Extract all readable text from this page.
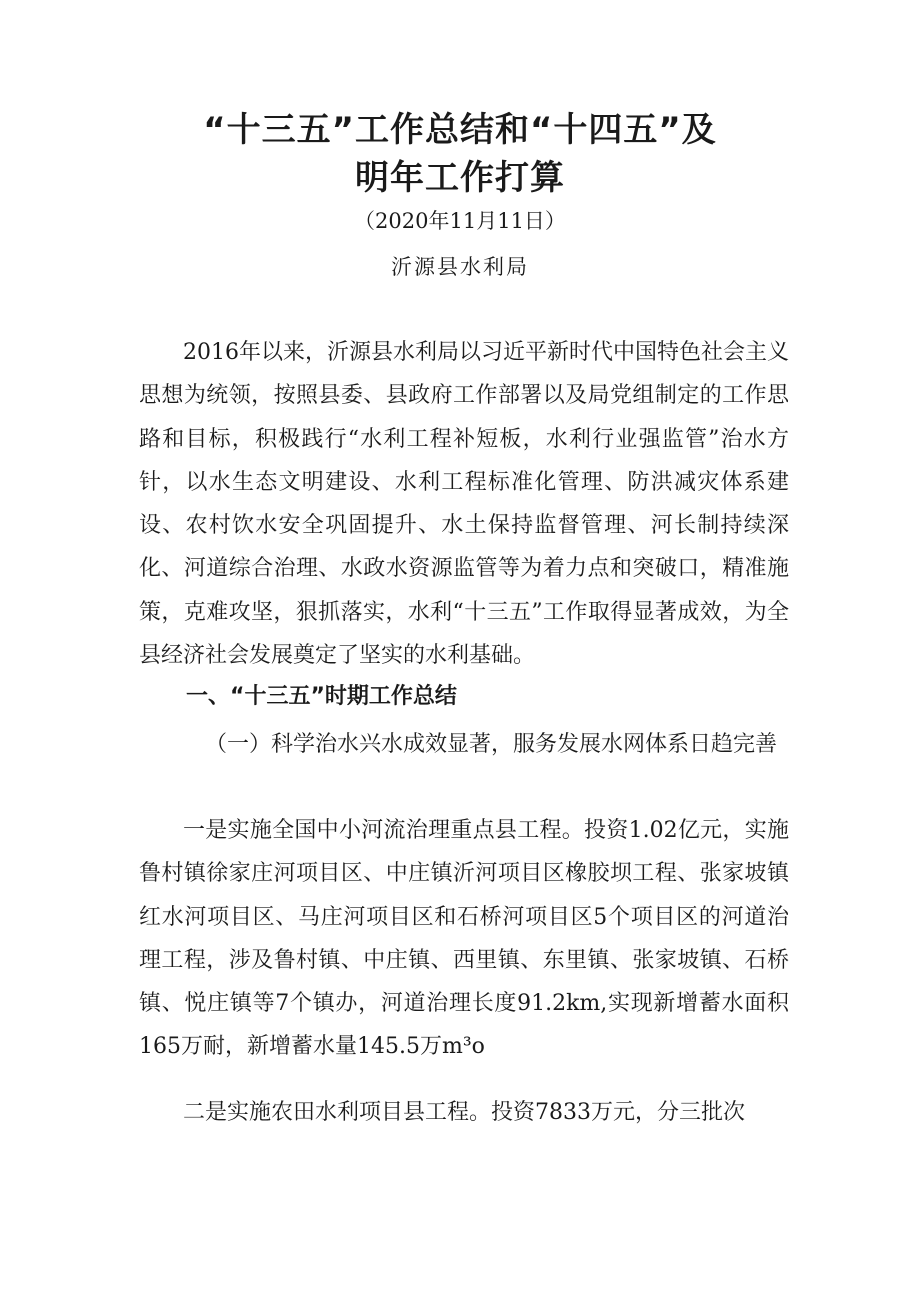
“十三五”工作总结和“十四五”及
明年工作打算
（2020年11月11日）
沂源县水利局

2016年以来，沂源县水利局以习近平新时代中国特色社会主义思想为统领，按照县委、县政府工作部署以及局党组制定的工作思路和目标，积极践行“水利工程补短板，水利行业强监管”治水方针，以水生态文明建设、水利工程标准化管理、防洪减灾体系建设、农村饮水安全巩固提升、水土保持监督管理、河长制持续深化、河道综合治理、水政水资源监管等为着力点和突破口，精准施策，克难攻坚，狠抓落实，水利“十三五”工作取得显著成效，为全县经济社会发展奠定了坚实的水利基础。

一、“十三五”时期工作总结

（一）科学治水兴水成效显著，服务发展水网体系日趋完善

一是实施全国中小河流治理重点县工程。投资1.02亿元，实施鲁村镇徐家庄河项目区、中庄镇沂河项目区橡胶坝工程、张家坡镇红水河项目区、马庄河项目区和石桥河项目区5个项目区的河道治理工程，涉及鲁村镇、中庄镇、西里镇、东里镇、张家坡镇、石桥镇、悦庄镇等7个镇办，河道治理长度91.2km,实现新增蓄水面积165万耐，新增蓄水量145.5万m³o

二是实施农田水利项目县工程。投资7833万元，分三批次
